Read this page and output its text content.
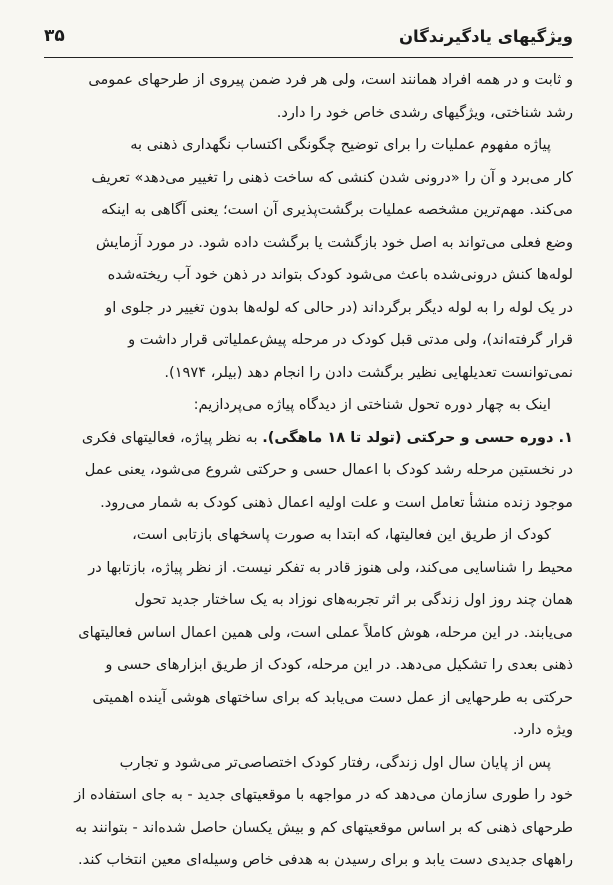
ویژگیهای یادگیرندگان
۳۵

و ثابت و در همه افراد همانند است، ولی هر فرد ضمن پیروی از طرحهای عمومی

رشد شناختی، ویژگیهای رشدی خاص خود را دارد.

پیاژه مفهوم عملیات را برای توضیح چگونگی اکتساب نگهداری ذهنی به

کار می‌برد و آن را «درونی شدن کنشی که ساخت ذهنی را تغییر می‌دهد» تعریف

می‌کند. مهم‌ترین مشخصه عملیات برگشت‌پذیری آن است؛ یعنی آگاهی به اینکه

وضع فعلی می‌تواند به اصل خود بازگشت یا برگشت داده شود. در مورد آزمایش

لوله‌ها کنش درونی‌شده باعث می‌شود کودک بتواند در ذهن خود آب ریخته‌شده

در یک لوله را به لوله دیگر برگرداند (در حالی که لوله‌ها بدون تغییر در جلوی او

قرار گرفته‌اند)، ولی مدتی قبل کودک در مرحله پیش‌عملیاتی قرار داشت و

نمی‌توانست تعدیلهایی نظیر برگشت دادن را انجام دهد (بیلر، ۱۹۷۴).

اینک به چهار دوره تحول شناختی از دیدگاه پیاژه می‌پردازیم:

۱. دوره حسی و حرکتی (تولد تا ۱۸ ماهگی). به نظر پیاژه، فعالیتهای فکری

در نخستین مرحله رشد کودک با اعمال حسی و حرکتی شروع می‌شود، یعنی عمل

موجود زنده منشأ تعامل است و علت اولیه اعمال ذهنی کودک به شمار می‌رود.

کودک از طریق این فعالیتها، که ابتدا به صورت پاسخهای بازتابی است،

محیط را شناسایی می‌کند، ولی هنوز قادر به تفکر نیست. از نظر پیاژه، بازتابها در

همان چند روز اول زندگی بر اثر تجربه‌های نوزاد به یک ساختار جدید تحول

می‌یابند. در این مرحله، هوش کاملاً عملی است، ولی همین اعمال اساس فعالیتهای

ذهنی بعدی را تشکیل می‌دهد. در این مرحله، کودک از طریق ابزارهای حسی و

حرکتی به طرحهایی از عمل دست می‌یابد که برای ساختهای هوشی آینده اهمیتی

ویژه دارد.

پس از پایان سال اول زندگی، رفتار کودک اختصاصی‌تر می‌شود و تجارب

خود را طوری سازمان می‌دهد که در مواجهه با موقعیتهای جدید - به جای استفاده از

طرحهای ذهنی که بر اساس موقعیتهای کم و بیش یکسان حاصل شده‌اند - بتوانند به

راههای جدیدی دست یابد و برای رسیدن به هدفی خاص وسیله‌ای معین انتخاب کند.
